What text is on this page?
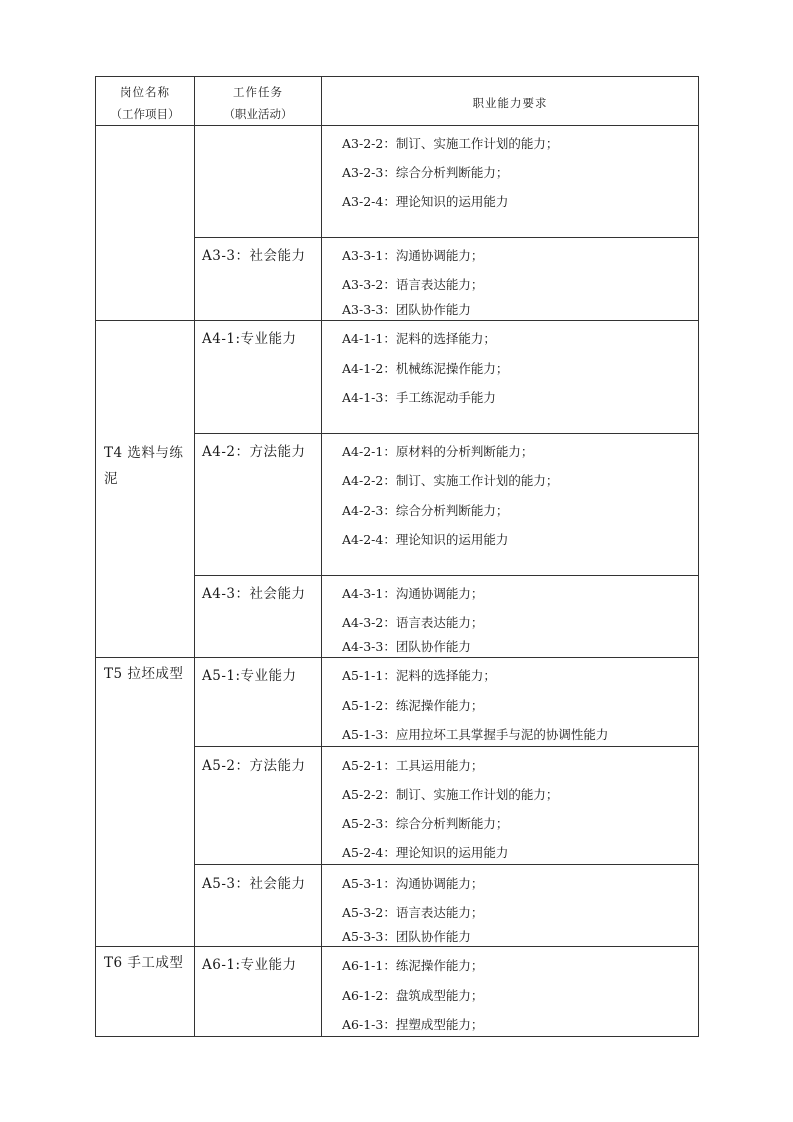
岗位名称
（工作项目）
工作任务
（职业活动）
职业能力要求
T4 选料与练
泥
T5 拉坯成型
T6 手工成型
A3-3：社会能力
A4-1:专业能力
A4-2：方法能力
A4-3：社会能力
A5-1:专业能力
A5-2：方法能力
A5-3：社会能力
A6-1:专业能力
A3-2-2：制订、实施工作计划的能力；
A3-2-3：综合分析判断能力；
A3-2-4：理论知识的运用能力
A3-3-1：沟通协调能力；
A3-3-2：语言表达能力；
A3-3-3：团队协作能力
A4-1-1：泥料的选择能力；
A4-1-2：机械练泥操作能力；
A4-1-3：手工练泥动手能力
A4-2-1：原材料的分析判断能力；
A4-2-2：制订、实施工作计划的能力；
A4-2-3：综合分析判断能力；
A4-2-4：理论知识的运用能力
A4-3-1：沟通协调能力；
A4-3-2：语言表达能力；
A4-3-3：团队协作能力
A5-1-1：泥料的选择能力；
A5-1-2：练泥操作能力；
A5-1-3：应用拉坏工具掌握手与泥的协调性能力
A5-2-1：工具运用能力；
A5-2-2：制订、实施工作计划的能力；
A5-2-3：综合分析判断能力；
A5-2-4：理论知识的运用能力
A5-3-1：沟通协调能力；
A5-3-2：语言表达能力；
A5-3-3：团队协作能力
A6-1-1：练泥操作能力；
A6-1-2：盘筑成型能力；
A6-1-3：捏塑成型能力；
